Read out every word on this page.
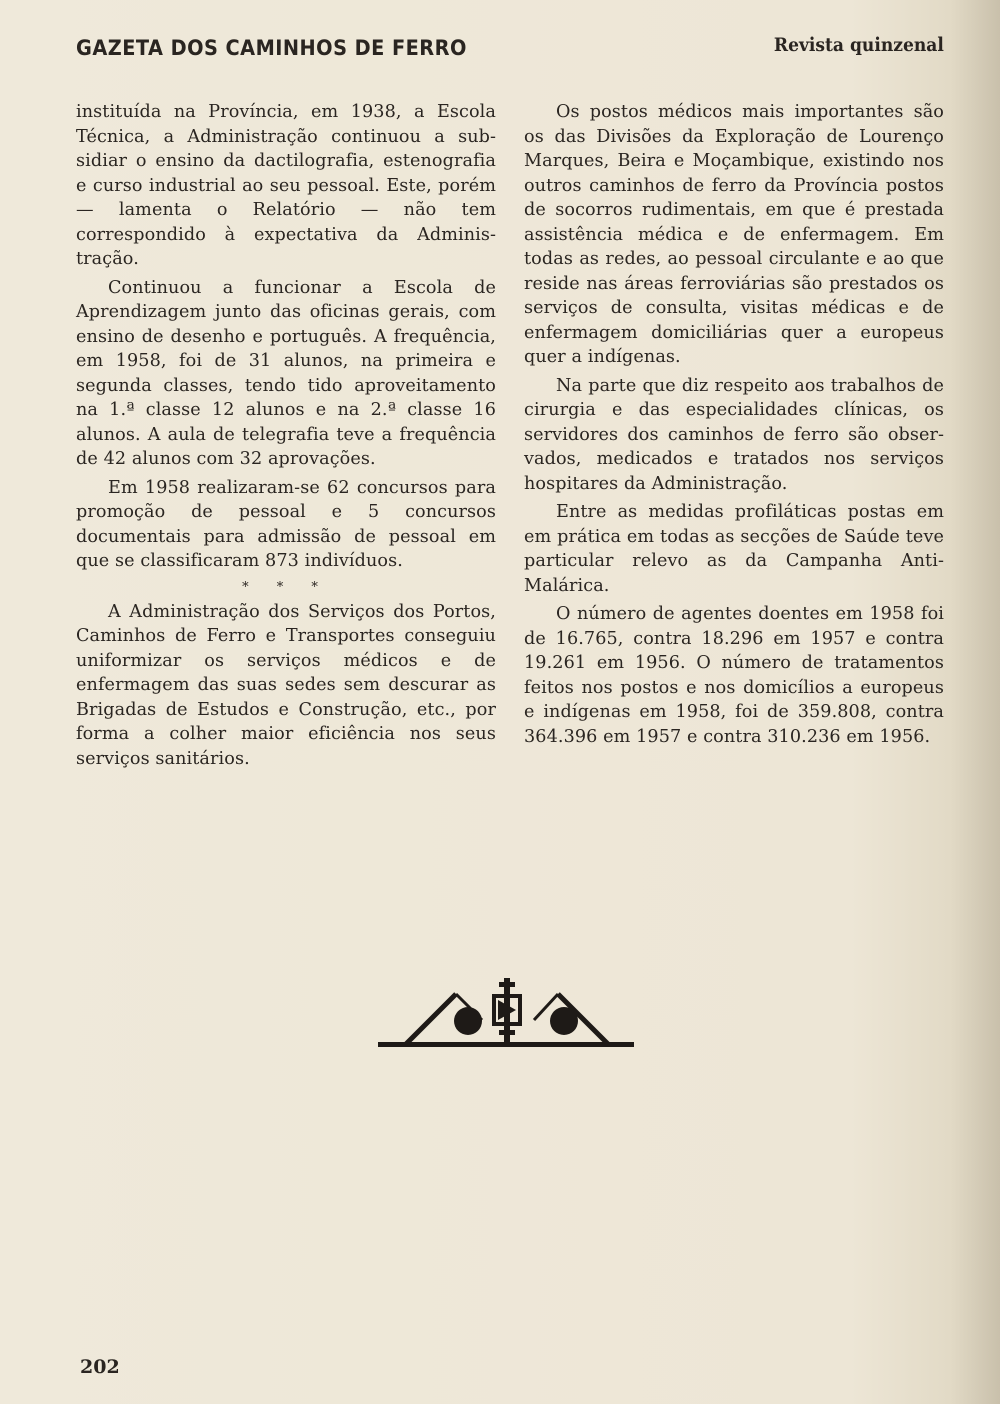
GAZETA DOS CAMINHOS DE FERRO	Revista quinzenal

instituída na Província, em 1938, a Escola Técnica, a Administração continuou a subsidiar o ensino da dactilografia, estenografia e curso industrial ao seu pessoal. Este, porém — lamenta o Relatório — não tem correspondido à expectativa da Administração.

Continuou a funcionar a Escola de Aprendizagem junto das oficinas gerais, com ensino de desenho e português. A frequência, em 1958, foi de 31 alunos, na primeira e segunda classes, tendo tido aproveitamento na 1.ª classe 12 alunos e na 2.ª classe 16 alunos. A aula de telegrafia teve a frequência de 42 alunos com 32 aprovações.

Em 1958 realizaram-se 62 concursos para promoção de pessoal e 5 concursos documentais para admissão de pessoal em que se classificaram 873 indivíduos.

* * *

A Administração dos Serviços dos Portos, Caminhos de Ferro e Transportes conseguiu uniformizar os serviços médicos e de enfermagem das suas sedes sem descurar as Brigadas de Estudos e Construção, etc., por forma a colher maior eficiência nos seus serviços sanitários.

Os postos médicos mais importantes são os das Divisões da Exploração de Lourenço Marques, Beira e Moçambique, existindo nos outros caminhos de ferro da Província postos de socorros rudimentais, em que é prestada assistência médica e de enfermagem. Em todas as redes, ao pessoal circulante e ao que reside nas áreas ferroviárias são prestados os serviços de consulta, visitas médicas e de enfermagem domiciliárias quer a europeus quer a indígenas.

Na parte que diz respeito aos trabalhos de cirurgia e das especialidades clínicas, os servidores dos caminhos de ferro são observados, medicados e tratados nos serviços hospitares da Administração.

Entre as medidas profiláticas postas em em prática em todas as secções de Saúde teve particular relevo as da Campanha Anti-Malárica.

O número de agentes doentes em 1958 foi de 16.765, contra 18.296 em 1957 e contra 19.261 em 1956. O número de tratamentos feitos nos postos e nos domicílios a europeus e indígenas em 1958, foi de 359.808, contra 364.396 em 1957 e contra 310.236 em 1956.

202
